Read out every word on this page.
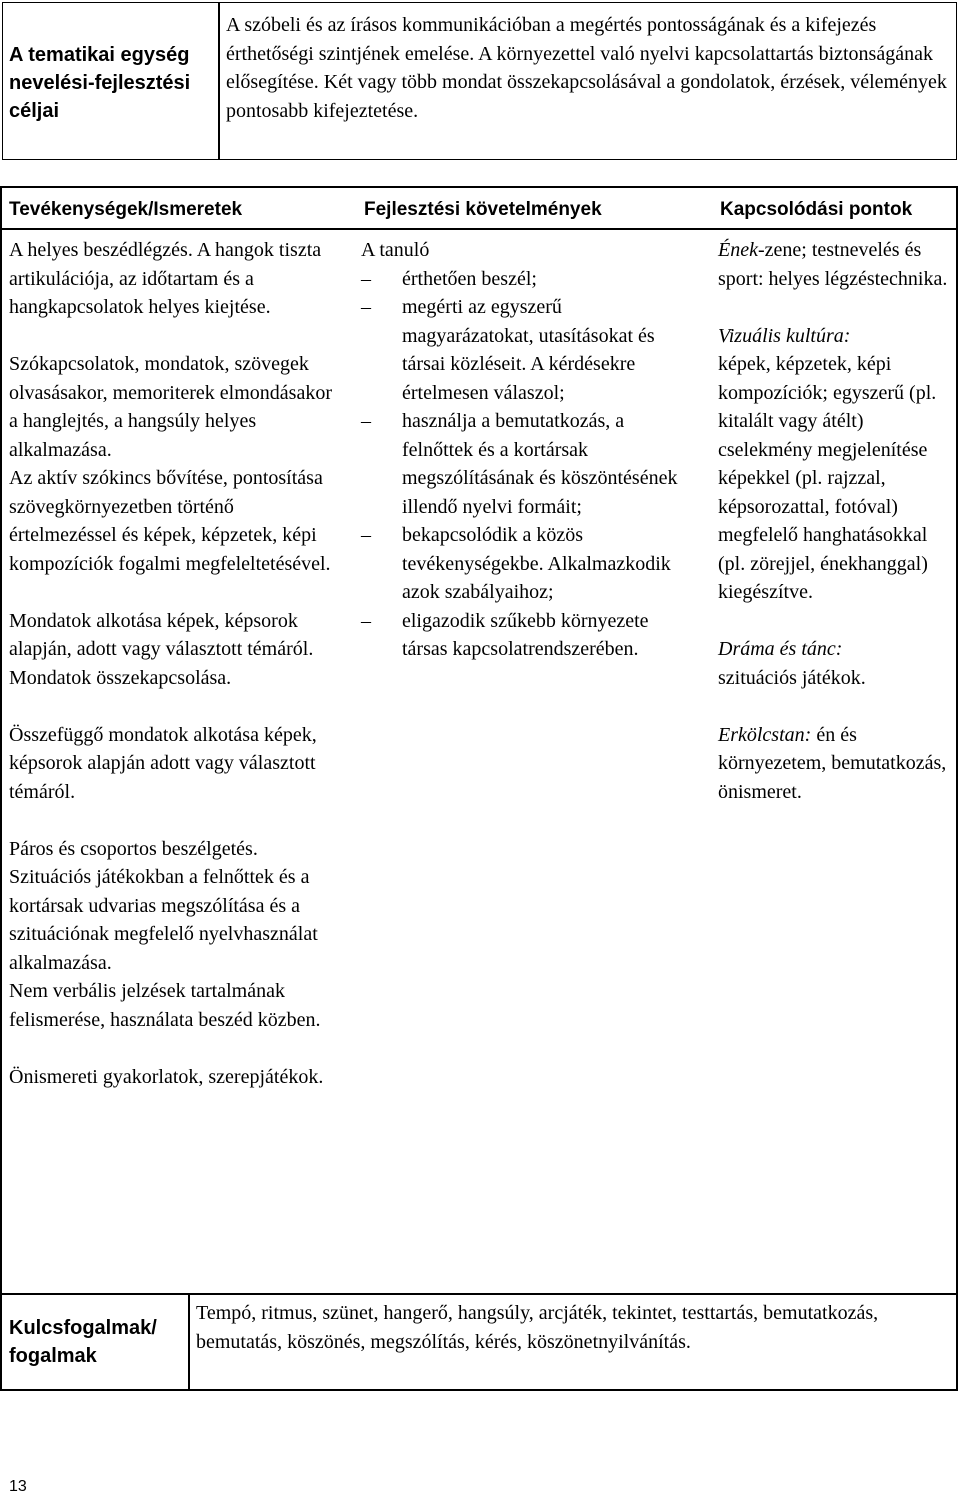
A tematikai egység nevelési-fejlesztési céljai
A szóbeli és az írásos kommunikációban a megértés pontosságának és a kifejezés érthetőségi szintjének emelése. A környezettel való nyelvi kapcsolattartás biztonságának elősegítése. Két vagy több mondat összekapcsolásával a gondolatok, érzések, vélemények pontosabb kifejeztetése.
Tevékenységek/Ismeretek	Fejlesztési követelmények	Kapcsolódási pontok

A helyes beszédlégzés. A hangok tiszta artikulációja, az időtartam és a hangkapcsolatok helyes kiejtése.

Szókapcsolatok, mondatok, szövegek olvasásakor, memoriterek elmondásakor a hanglejtés, a hangsúly helyes alkalmazása.

Az aktív szókincs bővítése, pontosítása szövegkörnyezetben történő értelmezéssel és képek, képzetek, képi kompozíciók fogalmi megfeleltetésével.

Mondatok alkotása képek, képsorok alapján, adott vagy választott témáról.

Mondatok összekapcsolása.

Összefüggő mondatok alkotása képek, képsorok alapján adott vagy választott témáról.

Páros és csoportos beszélgetés.

Szituációs játékokban a felnőttek és a kortársak udvarias megszólítása és a szituációnak megfelelő nyelvhasználat alkalmazása.

Nem verbális jelzések tartalmának felismerése, használata beszéd közben.

Önismereti gyakorlatok, szerepjátékok.

A tanuló

– érthetően beszél;
– megérti az egyszerű magyarázatokat, utasításokat és társai közléseit. A kérdésekre értelmesen válaszol;
– használja a bemutatkozás, a felnőttek és a kortársak megszólításának és köszöntésének illendő nyelvi formáit;
– bekapcsolódik a közös tevékenységekbe. Alkalmazkodik azok szabályaihoz;
– eligazodik szűkebb környezete társas kapcsolatrendszerében.

Ének-zene; testnevelés és sport: helyes légzéstechnika.

Vizuális kultúra:

képek, képzetek, képi kompozíciók; egyszerű (pl. kitalált vagy átélt) cselekmény megjelenítése képekkel (pl. rajzzal, képsorozattal, fotóval) megfelelő hanghatásokkal (pl. zörejjel, énekhanggal) kiegészítve.

Dráma és tánc:

szituációs játékok.

Erkölcstan: én és környezetem, bemutatkozás, önismeret.

Kulcsfogalmak/ fogalmak
Tempó, ritmus, szünet, hangerő, hangsúly, arcjáték, tekintet, testtartás, bemutatkozás, bemutatás, köszönés, megszólítás, kérés, köszönetnyilvánítás.
13
